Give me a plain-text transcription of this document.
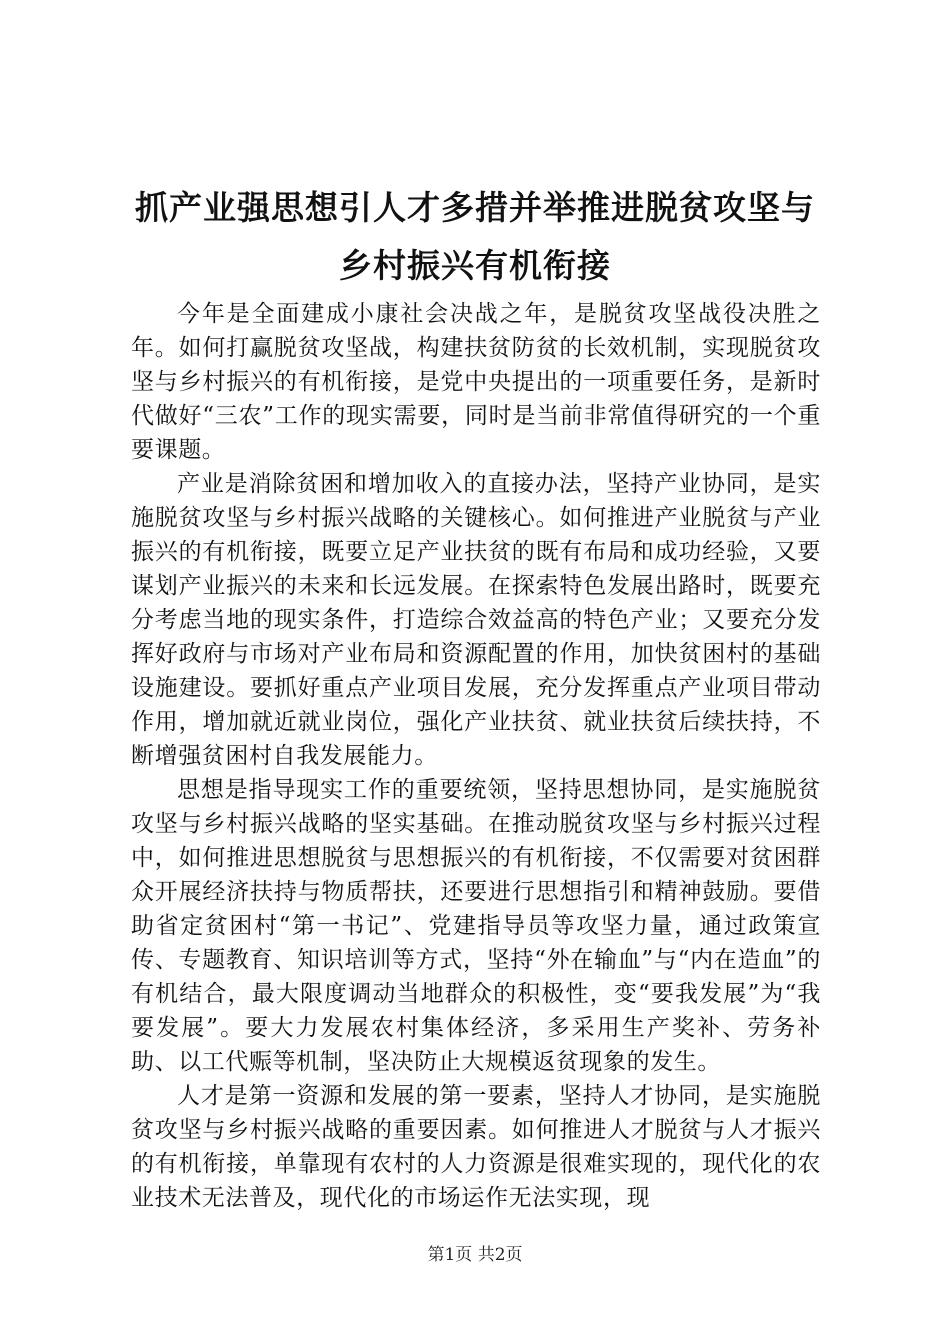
抓产业强思想引人才多措并举推进脱贫攻坚与
乡村振兴有机衔接

今年是全面建成小康社会决战之年，是脱贫攻坚战役决胜之年。如何打赢脱贫攻坚战，构建扶贫防贫的长效机制，实现脱贫攻坚与乡村振兴的有机衔接，是党中央提出的一项重要任务，是新时代做好“三农”工作的现实需要，同时是当前非常值得研究的一个重要课题。

产业是消除贫困和增加收入的直接办法，坚持产业协同，是实施脱贫攻坚与乡村振兴战略的关键核心。如何推进产业脱贫与产业振兴的有机衔接，既要立足产业扶贫的既有布局和成功经验，又要谋划产业振兴的未来和长远发展。在探索特色发展出路时，既要充分考虑当地的现实条件，打造综合效益高的特色产业；又要充分发挥好政府与市场对产业布局和资源配置的作用，加快贫困村的基础设施建设。要抓好重点产业项目发展，充分发挥重点产业项目带动作用，增加就近就业岗位，强化产业扶贫、就业扶贫后续扶持，不断增强贫困村自我发展能力。

思想是指导现实工作的重要统领，坚持思想协同，是实施脱贫攻坚与乡村振兴战略的坚实基础。在推动脱贫攻坚与乡村振兴过程中，如何推进思想脱贫与思想振兴的有机衔接，不仅需要对贫困群众开展经济扶持与物质帮扶，还要进行思想指引和精神鼓励。要借助省定贫困村“第一书记”、党建指导员等攻坚力量，通过政策宣传、专题教育、知识培训等方式，坚持“外在输血”与“内在造血”的有机结合，最大限度调动当地群众的积极性，变“要我发展”为“我要发展”。要大力发展农村集体经济，多采用生产奖补、劳务补助、以工代赈等机制，坚决防止大规模返贫现象的发生。

人才是第一资源和发展的第一要素，坚持人才协同，是实施脱贫攻坚与乡村振兴战略的重要因素。如何推进人才脱贫与人才振兴的有机衔接，单靠现有农村的人力资源是很难实现的，现代化的农业技术无法普及，现代化的市场运作无法实现，现

第1页 共2页
